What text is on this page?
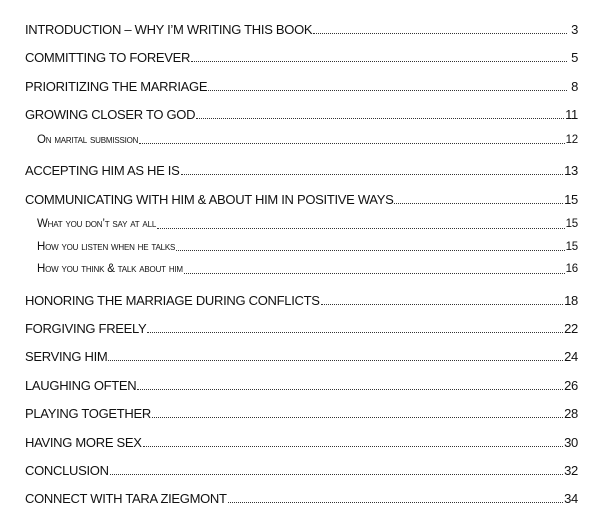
INTRODUCTION – WHY I’M WRITING THIS BOOK	3
COMMITTING TO FOREVER	5
PRIORITIZING THE MARRIAGE	8
GROWING CLOSER TO GOD	11
On marital submission	12
ACCEPTING HIM AS HE IS	13
COMMUNICATING WITH HIM & ABOUT HIM IN POSITIVE WAYS	15
What you don’t say at all	15
How you listen when he talks	15
How you think & talk about him	16
HONORING THE MARRIAGE DURING CONFLICTS	18
FORGIVING FREELY	22
SERVING HIM	24
LAUGHING OFTEN	26
PLAYING TOGETHER	28
HAVING MORE SEX	30
CONCLUSION	32
CONNECT WITH TARA ZIEGMONT	34
